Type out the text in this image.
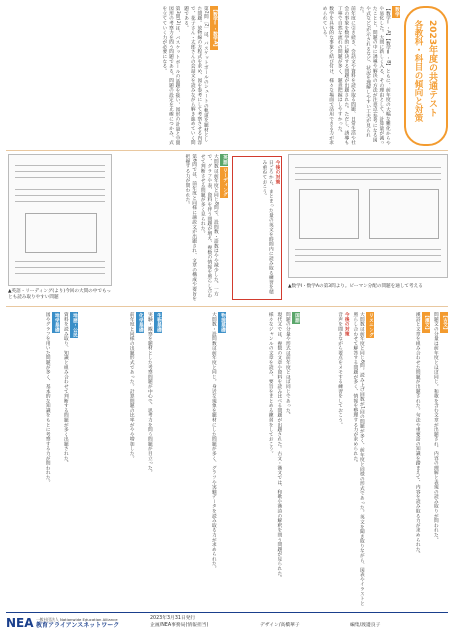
2023年度の共通テスト
各教科・科目の傾向と対策
数学

【数学Ⅰ・A】【数学Ⅱ・B】ともに、前年度の大幅な難化からやや易化した。大問に新しく入る、その理由として、計算量が減ったことと、問題の中に誘導や解決の方法が注意点(参考になる図や式など)が示されるなど、状況を理解しやすい工夫が見られた。

前年度に引き続き、会話文や資料を読み取る問題、日常生活や社会の事象を数学的に解決する問題が出題された。ただし、誘導も丁寧で自然な流れの問題が多く、題意把握はしやすかった。

数学を具体的な事象と結び付け、様々な場面で活用できる力が求められている。

【数学Ⅰ・数学A】

第2問〔2〕は、バスケットボールのシュートの軌道を題材とした問題。放物線の方程式を求め、図を参考にして考察させる内容で、花子さん・太郎さんの会話文を読みながら解き進めていく問題である。

第3問(2)は、バスケットボールの話題を扱い、図形の計量と空間図形の考察力を問う問題である。問題の設定を正確につかみ、式を立てていく力が必要になる。

▲英語・リーディング(より)今回の大問の中でもっとも読み取りやすい問題
英語 リーディング

大問数は前年度と同じ8問で、設問数・語数はやや減少した。一方で、グラフや表、資料を伴う問題が増え、複数の情報を照らし合わせて判断させる問題が多く見られた。

第6問では、前年度と同様に論説文が出題され、文章の構成や要旨を把握する力が問われた。	今後の対策

日ごろから、まとまった量の英文を時間内に読み取る練習を積み重ねておこう。

▲数学Ⅰ・数学Aの第3問より。ピーマン分配の問題を通して考える
地歴・公民

資料を読み取り、知識と組み合わせて判断する問題が多く出題された。

地学基礎

図やグラフを用いた問題が多く、基本的な知識をもとに考察する力が問われた。	生物基礎

実験・観察を題材とした考察問題が中心で、思考力を問う問題が目立った。

化学基礎

前年度と同様の出題形式であった。計算問題の比率がやや増加した。	物理基礎

大問数・設問数は前年度と同じ。身近な現象を題材にした問題が多く、グラフや実験データを読み取る力が求められた。	国語

問題の分量や形式は前年度とほぼ同じであった。

現代文では、複数の文章や資料を読み比べる問題が出題された。古文・漢文では、和歌や漢詩の解釈を問う問題が見られた。

様々なジャンルの文章を読み、要旨をまとめる練習をしておこう。	リスニング

大問数は前年度と同じ6問。読み上げ回数が1回の問題が多く、前年度と同様の形式であった。英文を聞き取りながら、図表やイラストと照らし合わせて解答する問題が多く、情報を整理する力が求められた。

今後の対策

音声を聞きながら要点をメモする練習をしておこう。	【古文】

問題文の分量は前年度とほぼ同じ。和歌を含む文章が出題され、内容の理解と表現の読み取りが問われた。

【漢文】

漢詩と文章を組み合わせた問題が出題された。句法や重要語の知識を踏まえて、内容を読み取る力が求められた。

NEA 一般社団法人 Nationwide Education Alliance
教育アライアンスネットワーク
2023年3月31日発行
企画/NEA事務局(情報担当)	デザイン/高橋華子	編集/渡邊良子
